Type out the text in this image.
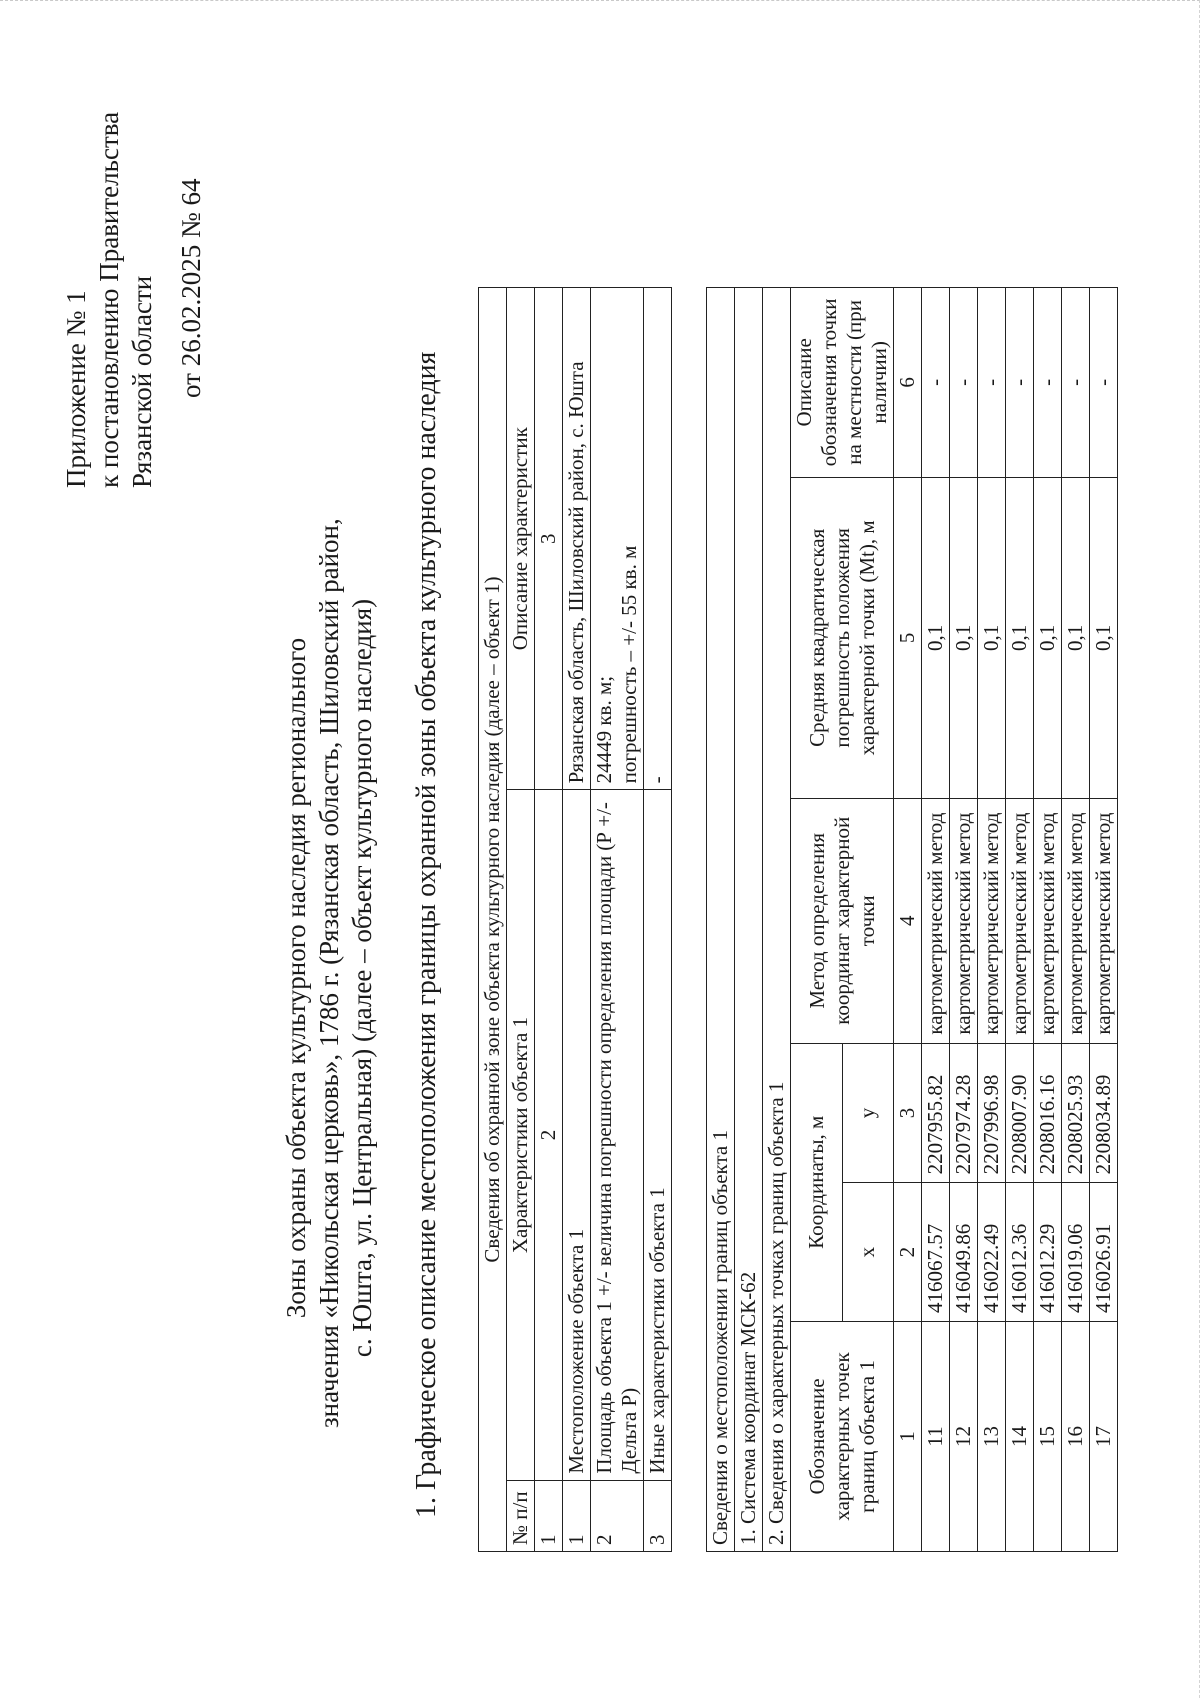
Приложение № 1 к постановлению Правительства Рязанской области от 26.02.2025 № 64
Зоны охраны объекта культурного наследия регионального значения «Никольская церковь», 1786 г. (Рязанская область, Шиловский район, с. Юшта, ул. Центральная) (далее – объект культурного наследия) 1. Графическое описание местоположения границы охранной зоны объекта культурного наследия Сведения об охранной зоне объекта культурного наследия (далее – объект 1)		
№ п/п	Характеристики объекта 1	Описание характеристик
1	2	3
1	Местоположение объекта 1	Рязанская область, Шиловский район, с. Юшта
2	Площадь объекта 1 +/- величина погрешности определения площади (Р +/- Дельта Р)	24449 кв. м; погрешность – +/- 55 кв. м

3	Иные характеристики объекта 1	-
Сведения о местоположении границ объекта 1					
1. Система координат МСК-62					
2. Сведения о характерных точках границ объекта 1					
Обозначение характерных точек границ объекта 1	Координаты, м		Метод определения координат характерной точки	Средняя квадратическая погрешность положения характерной точки (Mt), м	Описание обозначения точки на местности (при наличии)
	х	у			
1	2	3	4	5	6
11	416067.57	2207955.82	картометрический метод	0,1	-
12	416049.86	2207974.28	картометрический метод	0,1	-
13	416022.49	2207996.98	картометрический метод	0,1	-
14	416012.36	2208007.90	картометрический метод	0,1	-
15	416012.29	2208016.16	картометрический метод	0,1	-
16	416019.06	2208025.93	картометрический метод	0,1	-
17	416026.91	2208034.89	картометрический метод	0,1	-
